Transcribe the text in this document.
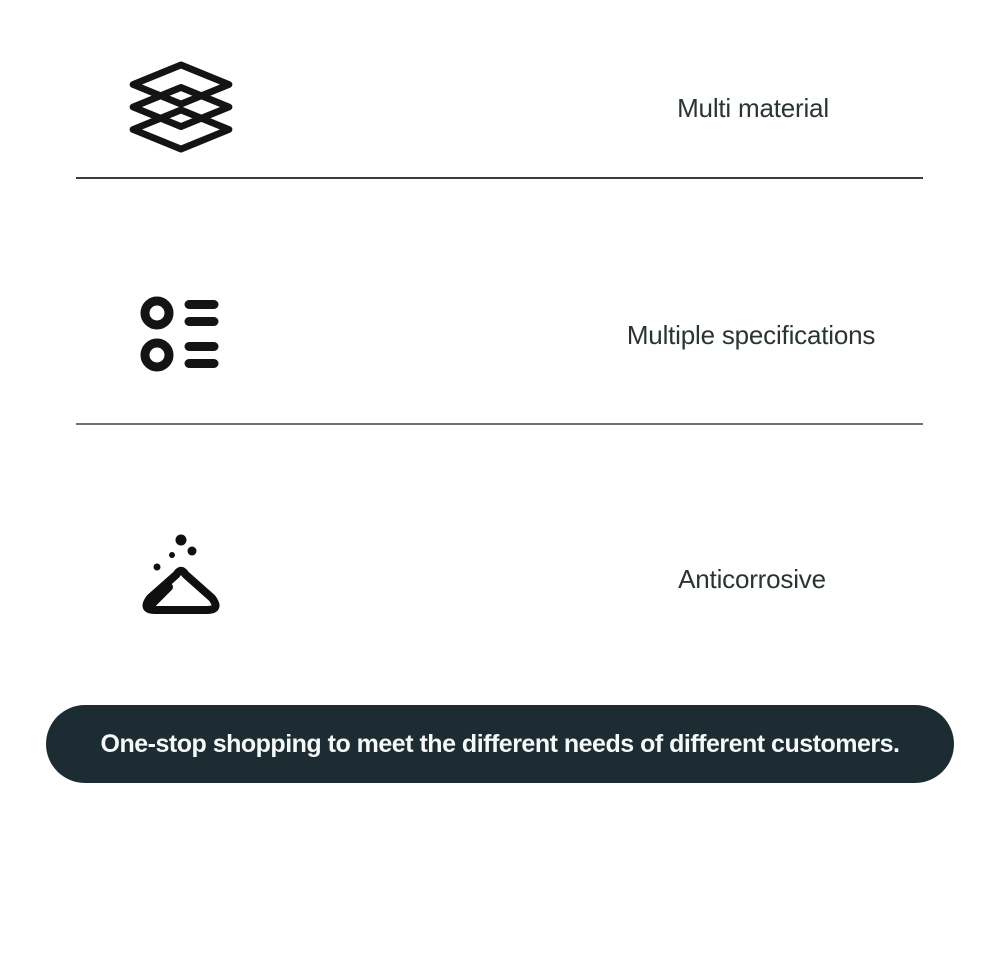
Multi material
Multiple specifications
Anticorrosive
One-stop shopping to meet the different needs of different customers.
